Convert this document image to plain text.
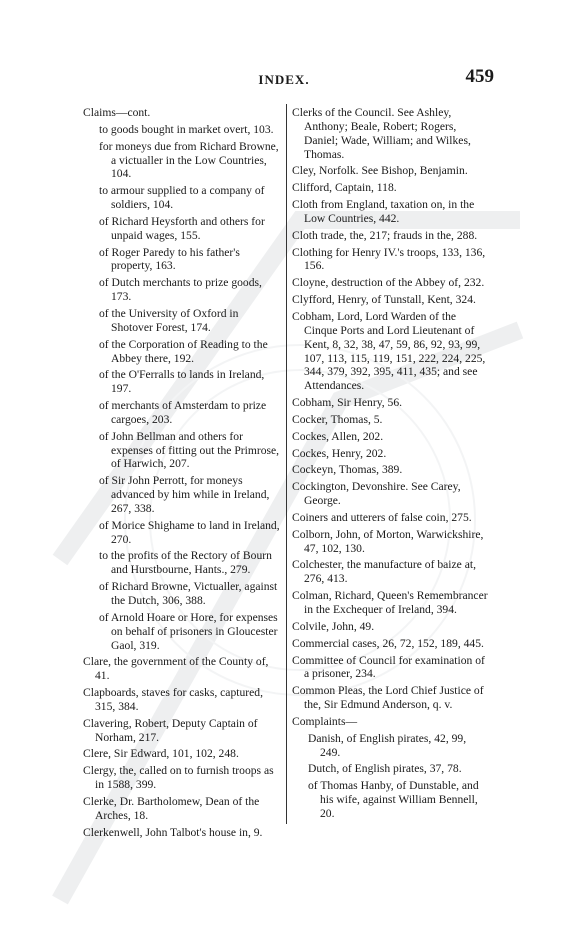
INDEX.	459
Claims—cont.
to goods bought in market overt, 103.
for moneys due from Richard Browne, a victualler in the Low Countries, 104.
to armour supplied to a company of soldiers, 104.
of Richard Heysforth and others for unpaid wages, 155.
of Roger Paredy to his father's property, 163.
of Dutch merchants to prize goods, 173.
of the University of Oxford in Shotover Forest, 174.
of the Corporation of Reading to the Abbey there, 192.
of the O'Ferralls to lands in Ireland, 197.
of merchants of Amsterdam to prize cargoes, 203.
of John Bellman and others for expenses of fitting out the Primrose, of Harwich, 207.
of Sir John Perrott, for moneys advanced by him while in Ireland, 267, 338.
of Morice Shighame to land in Ireland, 270.
to the profits of the Rectory of Bourn and Hurstbourne, Hants., 279.
of Richard Browne, Victualler, against the Dutch, 306, 388.
of Arnold Hoare or Hore, for expenses on behalf of prisoners in Gloucester Gaol, 319.
Clare, the government of the County of, 41.
Clapboards, staves for casks, captured, 315, 384.
Clavering, Robert, Deputy Captain of Norham, 217.
Clere, Sir Edward, 101, 102, 248.
Clergy, the, called on to furnish troops as in 1588, 399.
Clerke, Dr. Bartholomew, Dean of the Arches, 18.
Clerkenwell, John Talbot's house in, 9.
Clerks of the Council. See Ashley, Anthony; Beale, Robert; Rogers, Daniel; Wade, William; and Wilkes, Thomas.
Cley, Norfolk. See Bishop, Benjamin.
Clifford, Captain, 118.
Cloth from England, taxation on, in the Low Countries, 442.
Cloth trade, the, 217; frauds in the, 288.
Clothing for Henry IV.'s troops, 133, 136, 156.
Cloyne, destruction of the Abbey of, 232.
Clyfford, Henry, of Tunstall, Kent, 324.
Cobham, Lord, Lord Warden of the Cinque Ports and Lord Lieutenant of Kent, 8, 32, 38, 47, 59, 86, 92, 93, 99, 107, 113, 115, 119, 151, 222, 224, 225, 344, 379, 392, 395, 411, 435; and see Attendances.
Cobham, Sir Henry, 56.
Cocker, Thomas, 5.
Cockes, Allen, 202.
Cockes, Henry, 202.
Cockeyn, Thomas, 389.
Cockington, Devonshire. See Carey, George.
Coiners and utterers of false coin, 275.
Colborn, John, of Morton, Warwickshire, 47, 102, 130.
Colchester, the manufacture of baize at, 276, 413.
Colman, Richard, Queen's Remembrancer in the Exchequer of Ireland, 394.
Colvile, John, 49.
Commercial cases, 26, 72, 152, 189, 445.
Committee of Council for examination of a prisoner, 234.
Common Pleas, the Lord Chief Justice of the, Sir Edmund Anderson, q. v.
Complaints—
Danish, of English pirates, 42, 99, 249.
Dutch, of English pirates, 37, 78.
of Thomas Hanby, of Dunstable, and his wife, against William Bennell, 20.
